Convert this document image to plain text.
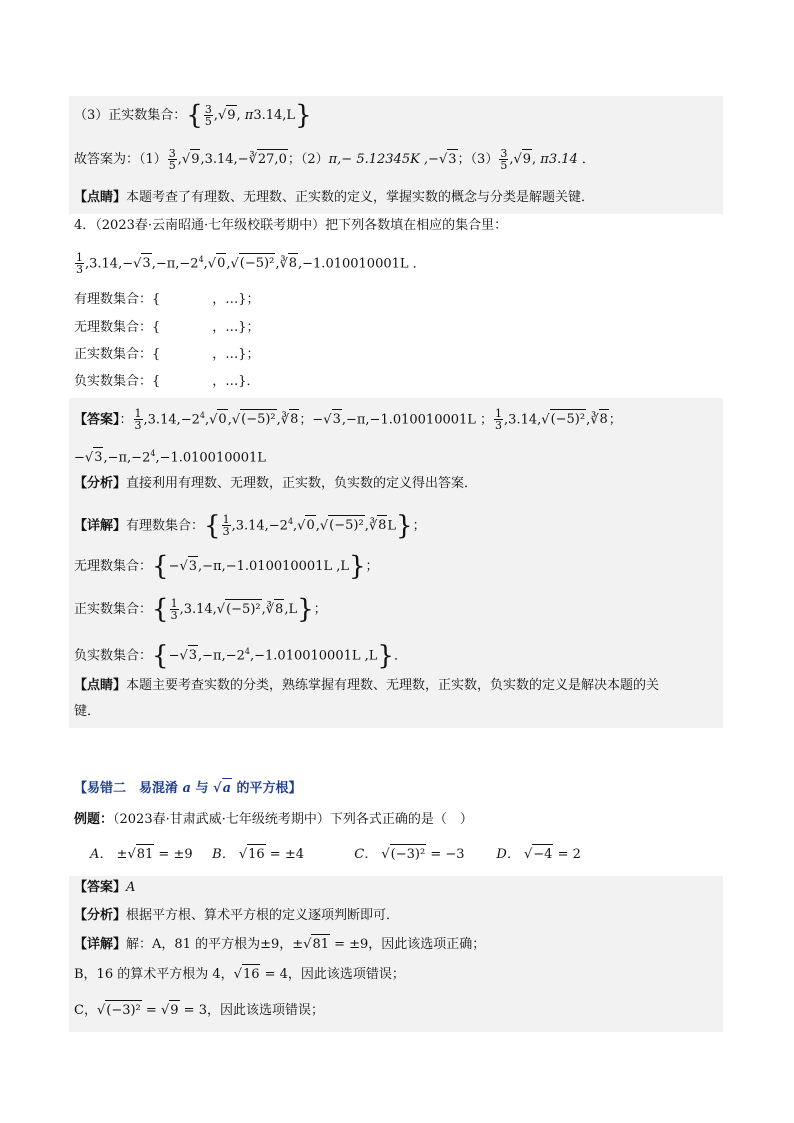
（3）正实数集合：{ $\frac{3}{5} ,√9$, π3.14,L}
故答案为：$(1) \frac{3}{5}$ ,√9,3.14,−∛27,0；（2）π,− 5.12345K ,−√3；$(3) \frac{3}{5} ,√9$, π3.14 ．
【点睛】本题考查了有理数、无理数、正实数的定义，掌握实数的概念与分类是解题关键．
4．（2023春·云南昭通·七年级校联考期中）把下列各数填在相应的集合里：
$\frac{1}{3}$ $,3.14,-√3,-\pi,-2^4,√0,√(-5)^2,∛8,-1.010010001L$ ．
有理数集合：{　　　　，…}；
无理数集合：{　　　　，…}；
正实数集合：{　　　　，…}；
负实数集合：{　　　　，…}．
【答案】： $\frac{1}{3}$ $,3.14,-2^4,√0,√(-5)^2,∛8$；−√3,−π,−1.010010001L ； $\frac{1}{3}$ ,3.14,√(−5)²,∛8；
$-√3,-\pi,-2^4,-1.010010001L$
【分析】直接利用有理数、无理数，正实数，负实数的定义得出答案．
【详解】有理数集合：{ $\frac{1}{3}$ $,3.14,-2^4,√0,√(-5)^2,∛8L$}；
无理数集合：{−√3,−π,−1.010010001L ,L}；
正实数集合：{ $\frac{1}{3}$ ,3.14,√(−5)²,∛8,L}；
负实数集合：{$-√3,-\pi,-2^4,-1.010010001L$ ,L}．
【点睛】本题主要考查实数的分类，熟练掌握有理数、无理数，正实数，负实数的定义是解决本题的关
键．
【易错二　易混淆 a 与 √a 的平方根】
例题：（2023春·甘肃武威·七年级统考期中）下列各式正确的是（　）
A． ±√81 = ±9 B． √16 = ±4	C． √(−3)² = −3 D． √−4 = 2
【答案】A
【分析】根据平方根、算术平方根的定义逐项判断即可．
【详解】解：A，81 的平方根为±9，±√81 = ±9，因此该选项正确；
B，16 的算术平方根为 4，√16 = 4，因此该选项错误；
C，√(−3)² = √9 = 3，因此该选项错误；
